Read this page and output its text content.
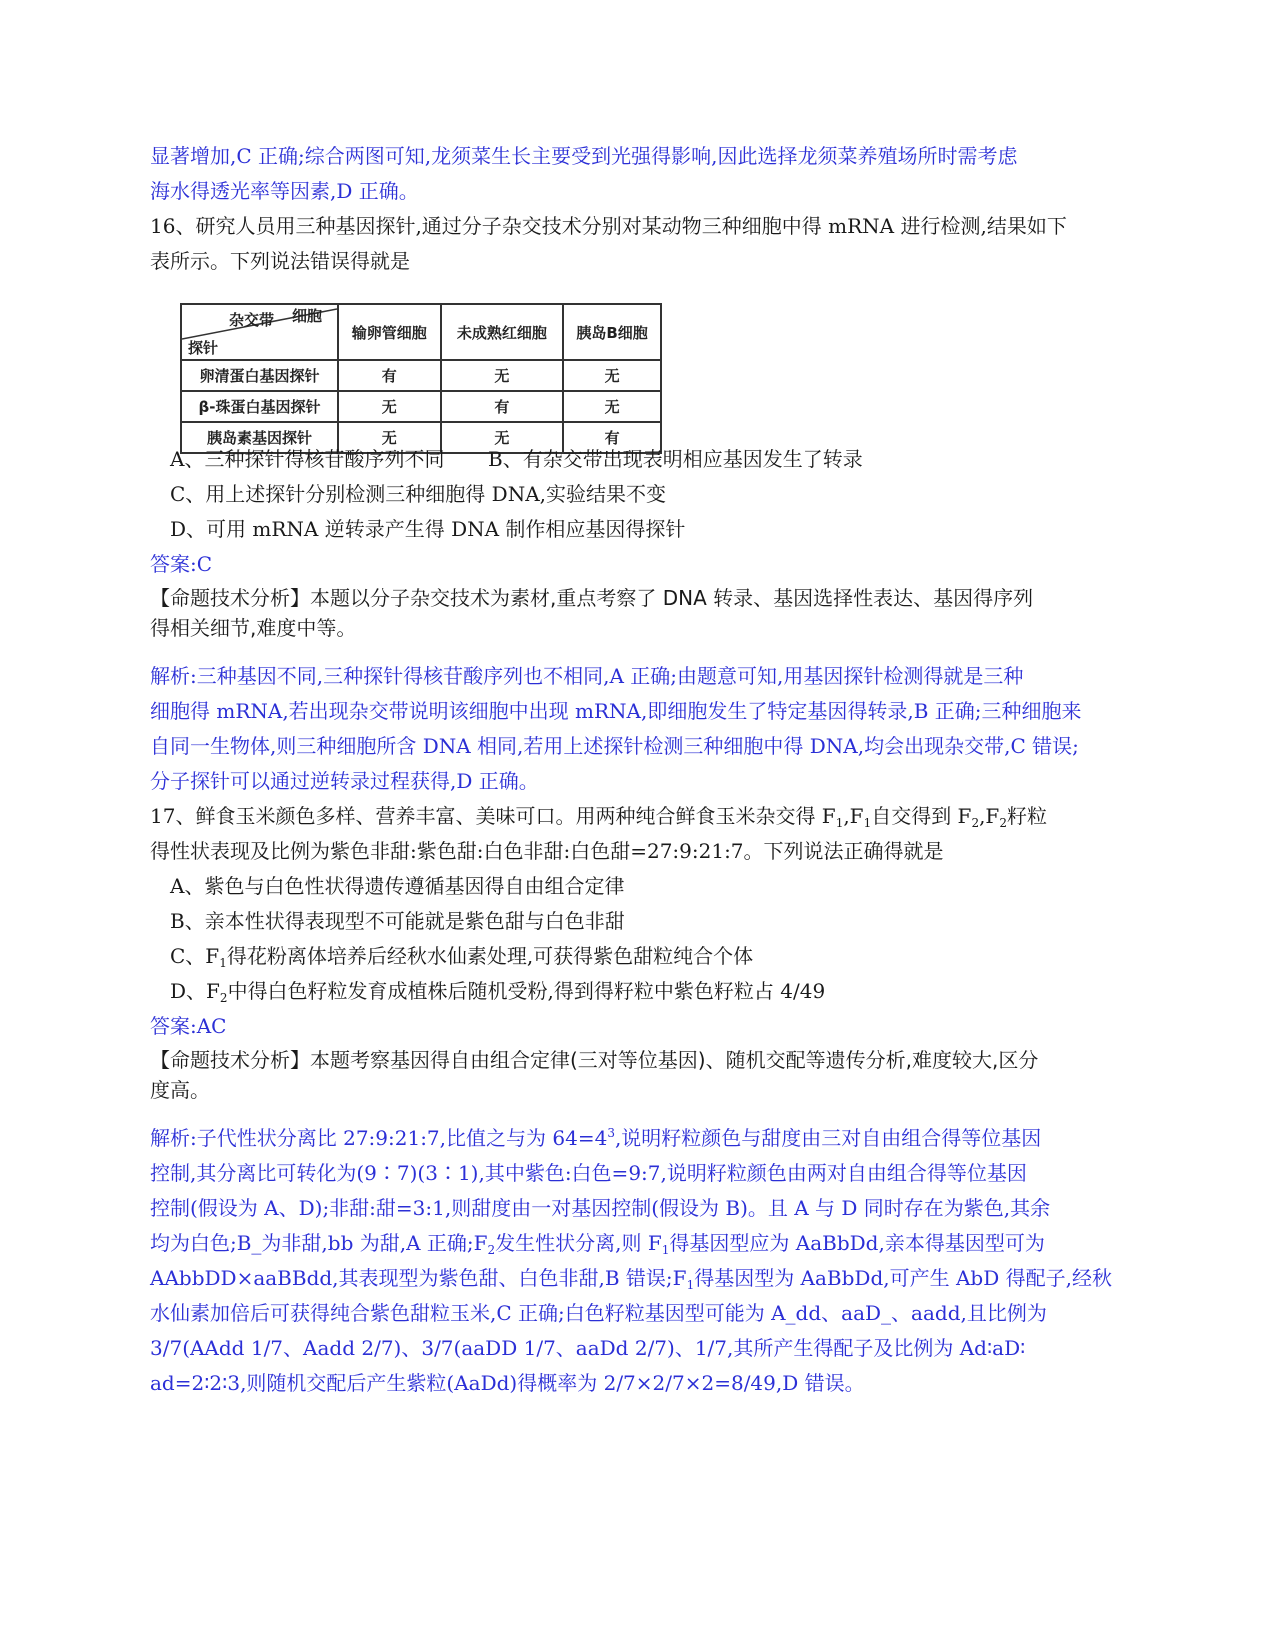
显著增加,C 正确;综合两图可知,龙须菜生长主要受到光强得影响,因此选择龙须菜养殖场所时需考虑
海水得透光率等因素,D 正确。
16、研究人员用三种基因探针,通过分子杂交技术分别对某动物三种细胞中得 mRNA 进行检测,结果如下
表所示。下列说法错误得就是
杂交带 细胞
探针	输卵管细胞	未成熟红细胞	胰岛B细胞
卵清蛋白基因探针	有	无	无
β-珠蛋白基因探针	无	有	无
胰岛素基因探针	无	无	有
A、三种探针得核苷酸序列不同 B、有杂交带出现表明相应基因发生了转录
C、用上述探针分别检测三种细胞得 DNA,实验结果不变
D、可用 mRNA 逆转录产生得 DNA 制作相应基因得探针
答案:C
【命题技术分析】本题以分子杂交技术为素材,重点考察了 DNA 转录、基因选择性表达、基因得序列
得相关细节,难度中等。
解析:三种基因不同,三种探针得核苷酸序列也不相同,A 正确;由题意可知,用基因探针检测得就是三种
细胞得 mRNA,若出现杂交带说明该细胞中出现 mRNA,即细胞发生了特定基因得转录,B 正确;三种细胞来
自同一生物体,则三种细胞所含 DNA 相同,若用上述探针检测三种细胞中得 DNA,均会出现杂交带,C 错误;
分子探针可以通过逆转录过程获得,D 正确。
17、鲜食玉米颜色多样、营养丰富、美味可口。用两种纯合鲜食玉米杂交得 $F_1,F_1$自交得到 $F_2,F_2$籽粒
得性状表现及比例为紫色非甜:紫色甜:白色非甜:白色甜=27:9:21:7。下列说法正确得就是
A、紫色与白色性状得遗传遵循基因得自由组合定律
B、亲本性状得表现型不可能就是紫色甜与白色非甜
C、$F_1$得花粉离体培养后经秋水仙素处理,可获得紫色甜粒纯合个体
D、$F_2$中得白色籽粒发育成植株后随机受粉,得到得籽粒中紫色籽粒占 4/49
答案:AC
【命题技术分析】本题考察基因得自由组合定律(三对等位基因)、随机交配等遗传分析,难度较大,区分
度高。
解析:子代性状分离比 27:9:21:7,比值之与为 $64=4^3$,说明籽粒颜色与甜度由三对自由组合得等位基因
控制,其分离比可转化为(9∶7)(3∶1),其中紫色:白色=9:7,说明籽粒颜色由两对自由组合得等位基因
控制(假设为 A、D);非甜:甜=3:1,则甜度由一对基因控制(假设为 B)。且 A 与 D 同时存在为紫色,其余
均为白色;B_为非甜,bb 为甜,A 正确$;F_2$发生性状分离,则 $F_1$得基因型应为 AaBbDd,亲本得基因型可为
AAbbDD×aaBBdd,其表现型为紫色甜、白色非甜,B 错误$;F_1$得基因型为 AaBbDd,可产生 AbD 得配子,经秋
水仙素加倍后可获得纯合紫色甜粒玉米,C 正确;白色籽粒基因型可能为 A_dd、aaD_、aadd,且比例为
3/7(AAdd 1/7、Aadd 2/7)、3/7(aaDD 1/7、aaDd 2/7)、1/7,其所产生得配子及比例为 Ad∶aD∶
ad=2∶2∶3,则随机交配后产生紫粒(AaDd)得概率为 2/7×2/7×2=8/49,D 错误。
